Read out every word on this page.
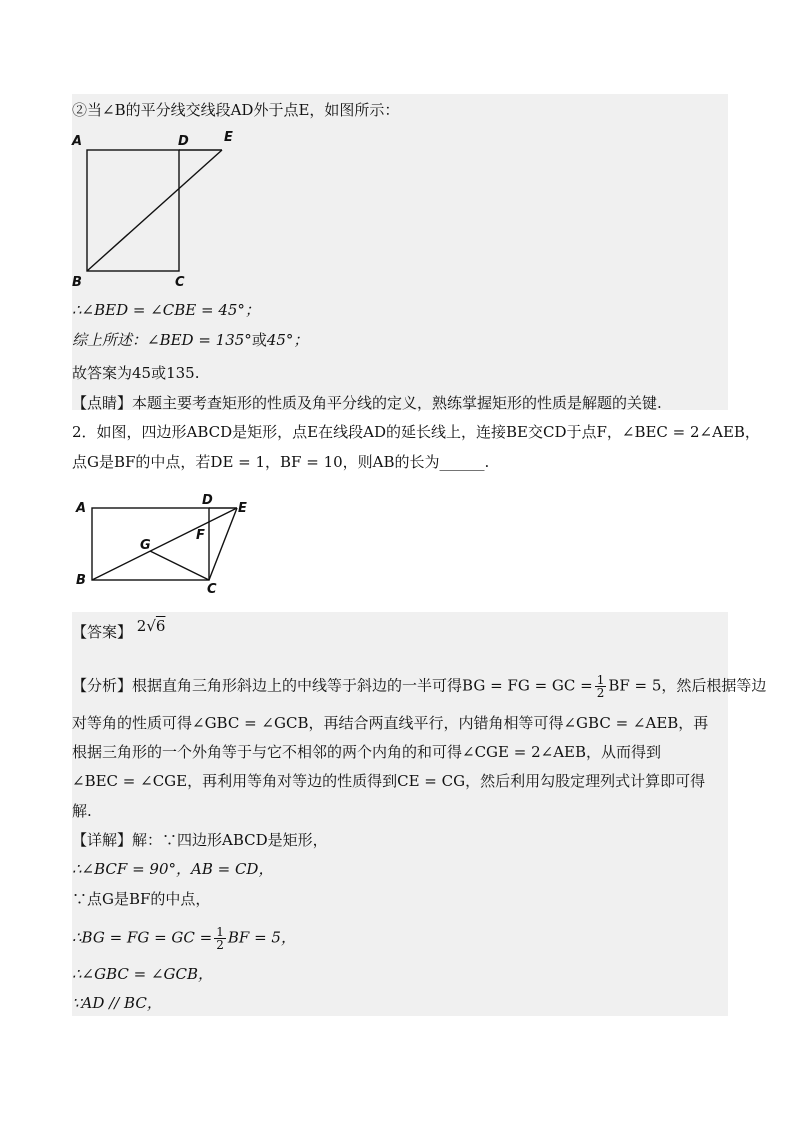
②当∠B的平分线交线段AD外于点E，如图所示：
A	D	E
B	C
∴∠BED = ∠CBE = 45°；
综上所述：∠BED = 135°或45°；
故答案为45或135.
【点睛】本题主要考查矩形的性质及角平分线的定义，熟练掌握矩形的性质是解题的关键.
2．如图，四边形ABCD是矩形，点E在线段AD的延长线上，连接BE交CD于点F，∠BEC = 2∠AEB，
点G是BF的中点，若DE = 1，BF = 10，则AB的长为______.
A
D
E
F
G
B
C
【答案】 2√6
【分析】根据直角三角形斜边上的中线等于斜边的一半可得BG = FG = GC = $\frac{1}{2}$ BF = 5，然后根据等边
对等角的性质可得∠GBC = ∠GCB，再结合两直线平行，内错角相等可得∠GBC = ∠AEB，再
根据三角形的一个外角等于与它不相邻的两个内角的和可得∠CGE = 2∠AEB，从而得到
∠BEC = ∠CGE，再利用等角对等边的性质得到CE = CG，然后利用勾股定理列式计算即可得
解.
【详解】解：∵四边形ABCD是矩形，
∴∠BCF = 90°，AB = CD，
∵点G是BF的中点，
∴BG = FG = GC = $\frac{1}{2}$ BF = 5，
∴∠GBC = ∠GCB，
∵AD // BC，
